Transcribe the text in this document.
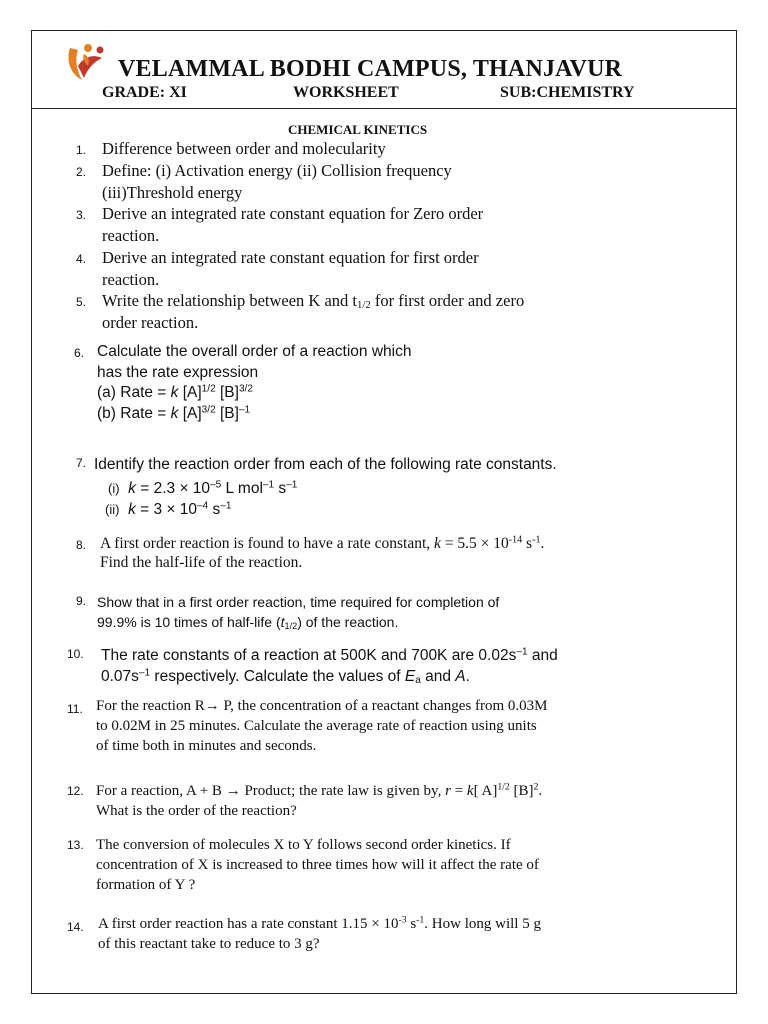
VELAMMAL BODHI CAMPUS, THANJAVUR
GRADE: XI	WORKSHEET	SUB:CHEMISTRY
CHEMICAL KINETICS
1. Difference between order and molecularity
2. Define: (i) Activation energy (ii) Collision frequency
(iii)Threshold energy
3. Derive an integrated rate constant equation for Zero order
reaction.
4. Derive an integrated rate constant equation for first order
reaction.
5. Write the relationship between K and $t_{1/2}$ for first order and zero
order reaction.
6. Calculate the overall order of a reaction which
has the rate expression
(a) Rate = k $[A]^{1/2}$ $[B]^{3/2}$
(b) Rate = k $[A]^{3/2}$ $[B]^{-1}$
7. Identify the reaction order from each of the following rate constants.
(i) $k = 2.3 \times 10^{-5}$ L mol$^{-1}$ $s^{-1}$
(ii) $k = 3 \times 10^{-4}$ $s^{-1}$
8. A first order reaction is found to have a rate constant, $k = 5.5 \times 10^{-14}$ $s^{-1}$.
Find the half-life of the reaction.
9. Show that in a first order reaction, time required for completion of
99.9% is 10 times of half-life $(t_{1/2})$ of the reaction.
10. The rate constants of a reaction at 500K and 700K are $0.02s^{-1}$ and
$0.07s^{-1}$ respectively. Calculate the values of $E_a$ and A.
11. For the reaction R→ P, the concentration of a reactant changes from 0.03M
to 0.02M in 25 minutes. Calculate the average rate of reaction using units
of time both in minutes and seconds.
12. For a reaction, A + B → Product; the rate law is given by, r = k[ A]$^{1/2}$ $[B]^2$.
What is the order of the reaction?
13. The conversion of molecules X to Y follows second order kinetics. If
concentration of X is increased to three times how will it affect the rate of
formation of Y ?
14. A first order reaction has a rate constant $1.15 \times 10^{-3}$ $s^{-1}$. How long will 5 g
of this reactant take to reduce to 3 g?
